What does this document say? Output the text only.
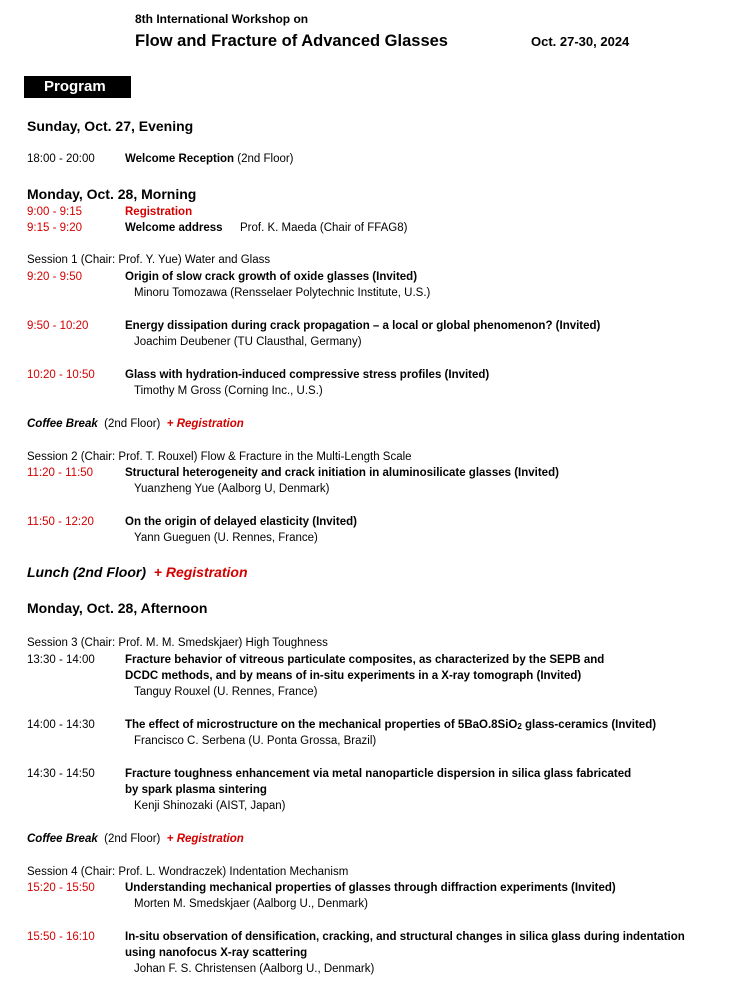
8th International Workshop on
Flow and Fracture of Advanced Glasses	Oct. 27-30, 2024
Program
Sunday, Oct. 27, Evening
18:00 - 20:00	Welcome Reception (2nd Floor)
Monday, Oct. 28, Morning
9:00 - 9:15	Registration
9:15 - 9:20	Welcome address Prof. K. Maeda (Chair of FFAG8)
Session 1 (Chair: Prof. Y. Yue) Water and Glass
9:20 - 9:50	Origin of slow crack growth of oxide glasses (Invited)
Minoru Tomozawa (Rensselaer Polytechnic Institute, U.S.)
9:50 - 10:20	Energy dissipation during crack propagation – a local or global phenomenon? (Invited)
Joachim Deubener (TU Clausthal, Germany)
10:20 - 10:50	Glass with hydration-induced compressive stress profiles (Invited)
Timothy M Gross (Corning Inc., U.S.)
Coffee Break  (2nd Floor)  + Registration
Session 2 (Chair: Prof. T. Rouxel) Flow & Fracture in the Multi-Length Scale
11:20 - 11:50	Structural heterogeneity and crack initiation in aluminosilicate glasses (Invited)
Yuanzheng Yue (Aalborg U, Denmark)
11:50 - 12:20	On the origin of delayed elasticity (Invited)
Yann Gueguen (U. Rennes, France)
Lunch (2nd Floor)  + Registration
Monday, Oct. 28, Afternoon
Session 3 (Chair: Prof. M. M. Smedskjaer) High Toughness
13:30 - 14:00	Fracture behavior of vitreous particulate composites, as characterized by the SEPB and
DCDC methods, and by means of in-situ experiments in a X-ray tomograph (Invited)
Tanguy Rouxel (U. Rennes, France)
14:00 - 14:30	The effect of microstructure on the mechanical properties of 5BaO.8SiO$_2$ glass-ceramics (Invited)
Francisco C. Serbena (U. Ponta Grossa, Brazil)
14:30 - 14:50	Fracture toughness enhancement via metal nanoparticle dispersion in silica glass fabricated
by spark plasma sintering
Kenji Shinozaki (AIST, Japan)
Coffee Break  (2nd Floor)  + Registration
Session 4 (Chair: Prof. L. Wondraczek) Indentation Mechanism
15:20 - 15:50	Understanding mechanical properties of glasses through diffraction experiments (Invited)
Morten M. Smedskjaer (Aalborg U., Denmark)
15:50 - 16:10	In-situ observation of densification, cracking, and structural changes in silica glass during indentation
using nanofocus X-ray scattering
Johan F. S. Christensen (Aalborg U., Denmark)
